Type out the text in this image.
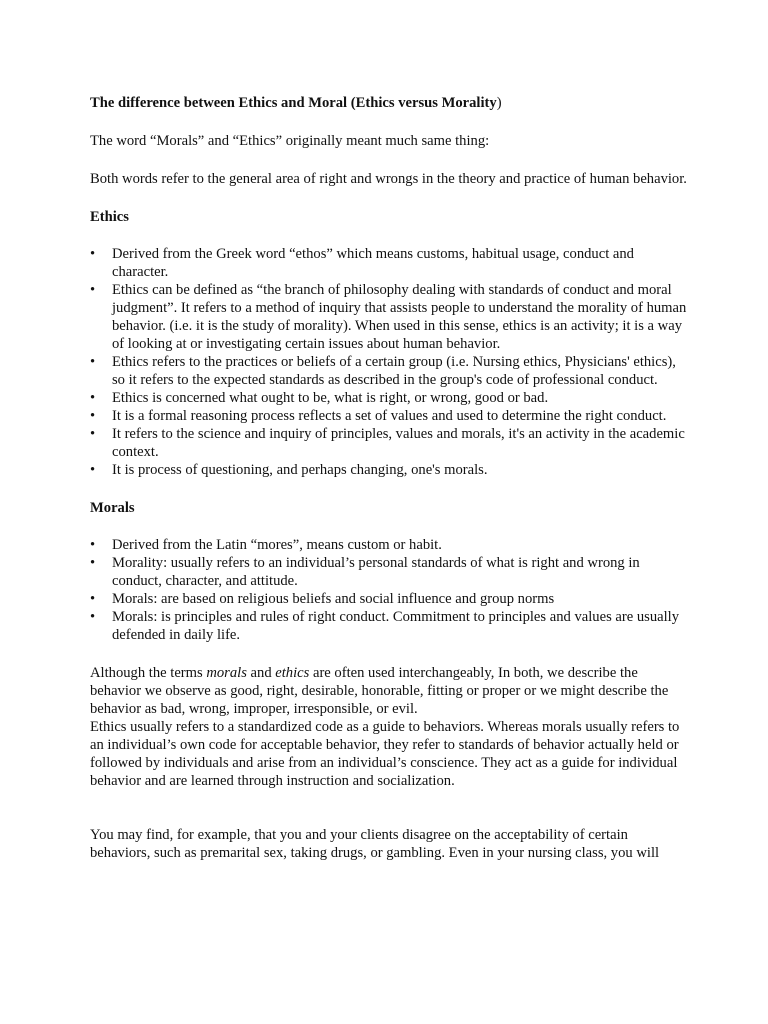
The difference between Ethics and Moral (Ethics versus Morality)

The word “Morals” and “Ethics” originally meant much same thing:

Both words refer to the general area of right and wrongs in the theory and practice of human behavior.

Ethics

• Derived from the Greek word “ethos” which means customs, habitual usage, conduct and character.
• Ethics can be defined as “the branch of philosophy dealing with standards of conduct and moral judgment”. It refers to a method of inquiry that assists people to understand the morality of human behavior. (i.e. it is the study of morality). When used in this sense, ethics is an activity; it is a way of looking at or investigating certain issues about human behavior.
• Ethics refers to the practices or beliefs of a certain group (i.e. Nursing ethics, Physicians' ethics), so it refers to the expected standards as described in the group's code of professional conduct.
• Ethics is concerned what ought to be, what is right, or wrong, good or bad.
• It is a formal reasoning process reflects a set of values and used to determine the right conduct.
• It refers to the science and inquiry of principles, values and morals, it's an activity in the academic context.
• It is process of questioning, and perhaps changing, one's morals.

Morals

• Derived from the Latin “mores”, means custom or habit.
• Morality: usually refers to an individual’s personal standards of what is right and wrong in conduct, character, and attitude.
• Morals: are based on religious beliefs and social influence and group norms
• Morals: is principles and rules of right conduct. Commitment to principles and values are usually defended in daily life.

Although the terms morals and ethics are often used interchangeably, In both, we describe the behavior we observe as good, right, desirable, honorable, fitting or proper or we might describe the behavior as bad, wrong, improper, irresponsible, or evil.

Ethics usually refers to a standardized code as a guide to behaviors. Whereas morals usually refers to an individual’s own code for acceptable behavior, they refer to standards of behavior actually held or followed by individuals and arise from an individual’s conscience. They act as a guide for individual behavior and are learned through instruction and socialization.

You may find, for example, that you and your clients disagree on the acceptability of certain behaviors, such as premarital sex, taking drugs, or gambling. Even in your nursing class, you will
